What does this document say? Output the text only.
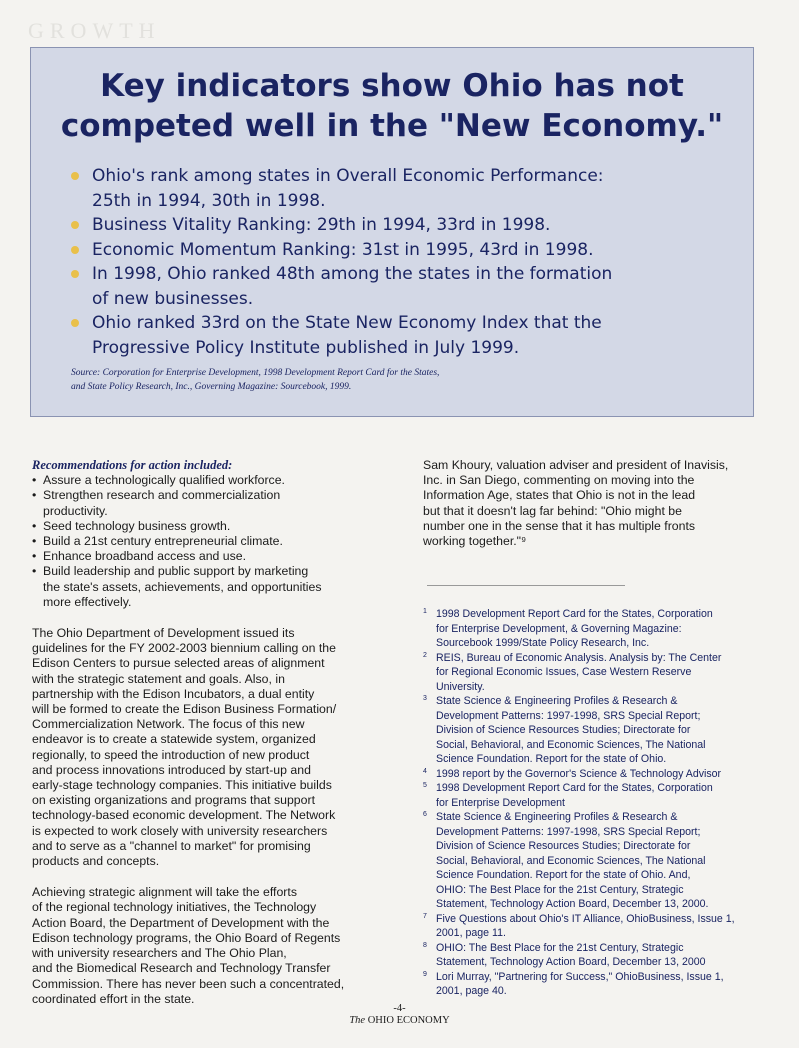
GROWTH
Key indicators show Ohio has not
competed well in the "New Economy."
Ohio's rank among states in Overall Economic Performance:
25th in 1994, 30th in 1998.
Business Vitality Ranking: 29th in 1994, 33rd in 1998.
Economic Momentum Ranking: 31st in 1995, 43rd in 1998.
In 1998, Ohio ranked 48th among the states in the formation
of new businesses.
Ohio ranked 33rd on the State New Economy Index that the
Progressive Policy Institute published in July 1999.
Source: Corporation for Enterprise Development, 1998 Development Report Card for the States,
and State Policy Research, Inc., Governing Magazine: Sourcebook, 1999.
Recommendations for action included:
• Assure a technologically qualified workforce.
• Strengthen research and commercialization
productivity.
• Seed technology business growth.
• Build a 21st century entrepreneurial climate.
• Enhance broadband access and use.
• Build leadership and public support by marketing
the state's assets, achievements, and opportunities
more effectively.
The Ohio Department of Development issued its
guidelines for the FY 2002-2003 biennium calling on the
Edison Centers to pursue selected areas of alignment
with the strategic statement and goals. Also, in
partnership with the Edison Incubators, a dual entity
will be formed to create the Edison Business Formation/
Commercialization Network. The focus of this new
endeavor is to create a statewide system, organized
regionally, to speed the introduction of new product
and process innovations introduced by start-up and
early-stage technology companies. This initiative builds
on existing organizations and programs that support
technology-based economic development. The Network
is expected to work closely with university researchers
and to serve as a "channel to market" for promising
products and concepts.
Achieving strategic alignment will take the efforts
of the regional technology initiatives, the Technology
Action Board, the Department of Development with the
Edison technology programs, the Ohio Board of Regents
with university researchers and The Ohio Plan,
and the Biomedical Research and Technology Transfer
Commission. There has never been such a concentrated,
coordinated effort in the state.
Sam Khoury, valuation adviser and president of Inavisis,
Inc. in San Diego, commenting on moving into the
Information Age, states that Ohio is not in the lead
but that it doesn't lag far behind: "Ohio might be
number one in the sense that it has multiple fronts
working together."⁹
1 1998 Development Report Card for the States, Corporation
for Enterprise Development, & Governing Magazine:
Sourcebook 1999/State Policy Research, Inc.
2 REIS, Bureau of Economic Analysis. Analysis by: The Center
for Regional Economic Issues, Case Western Reserve
University.
3 State Science & Engineering Profiles & Research &
Development Patterns: 1997-1998, SRS Special Report;
Division of Science Resources Studies; Directorate for
Social, Behavioral, and Economic Sciences, The National
Science Foundation. Report for the state of Ohio.
4 1998 report by the Governor's Science & Technology Advisor
5 1998 Development Report Card for the States, Corporation
for Enterprise Development
6 State Science & Engineering Profiles & Research &
Development Patterns: 1997-1998, SRS Special Report;
Division of Science Resources Studies; Directorate for
Social, Behavioral, and Economic Sciences, The National
Science Foundation. Report for the state of Ohio. And,
OHIO: The Best Place for the 21st Century, Strategic
Statement, Technology Action Board, December 13, 2000.
7 Five Questions about Ohio's IT Alliance, OhioBusiness, Issue 1,
2001, page 11.
8 OHIO: The Best Place for the 21st Century, Strategic
Statement, Technology Action Board, December 13, 2000
9 Lori Murray, "Partnering for Success," OhioBusiness, Issue 1,
2001, page 40.
-4-
The OHIO ECONOMY
